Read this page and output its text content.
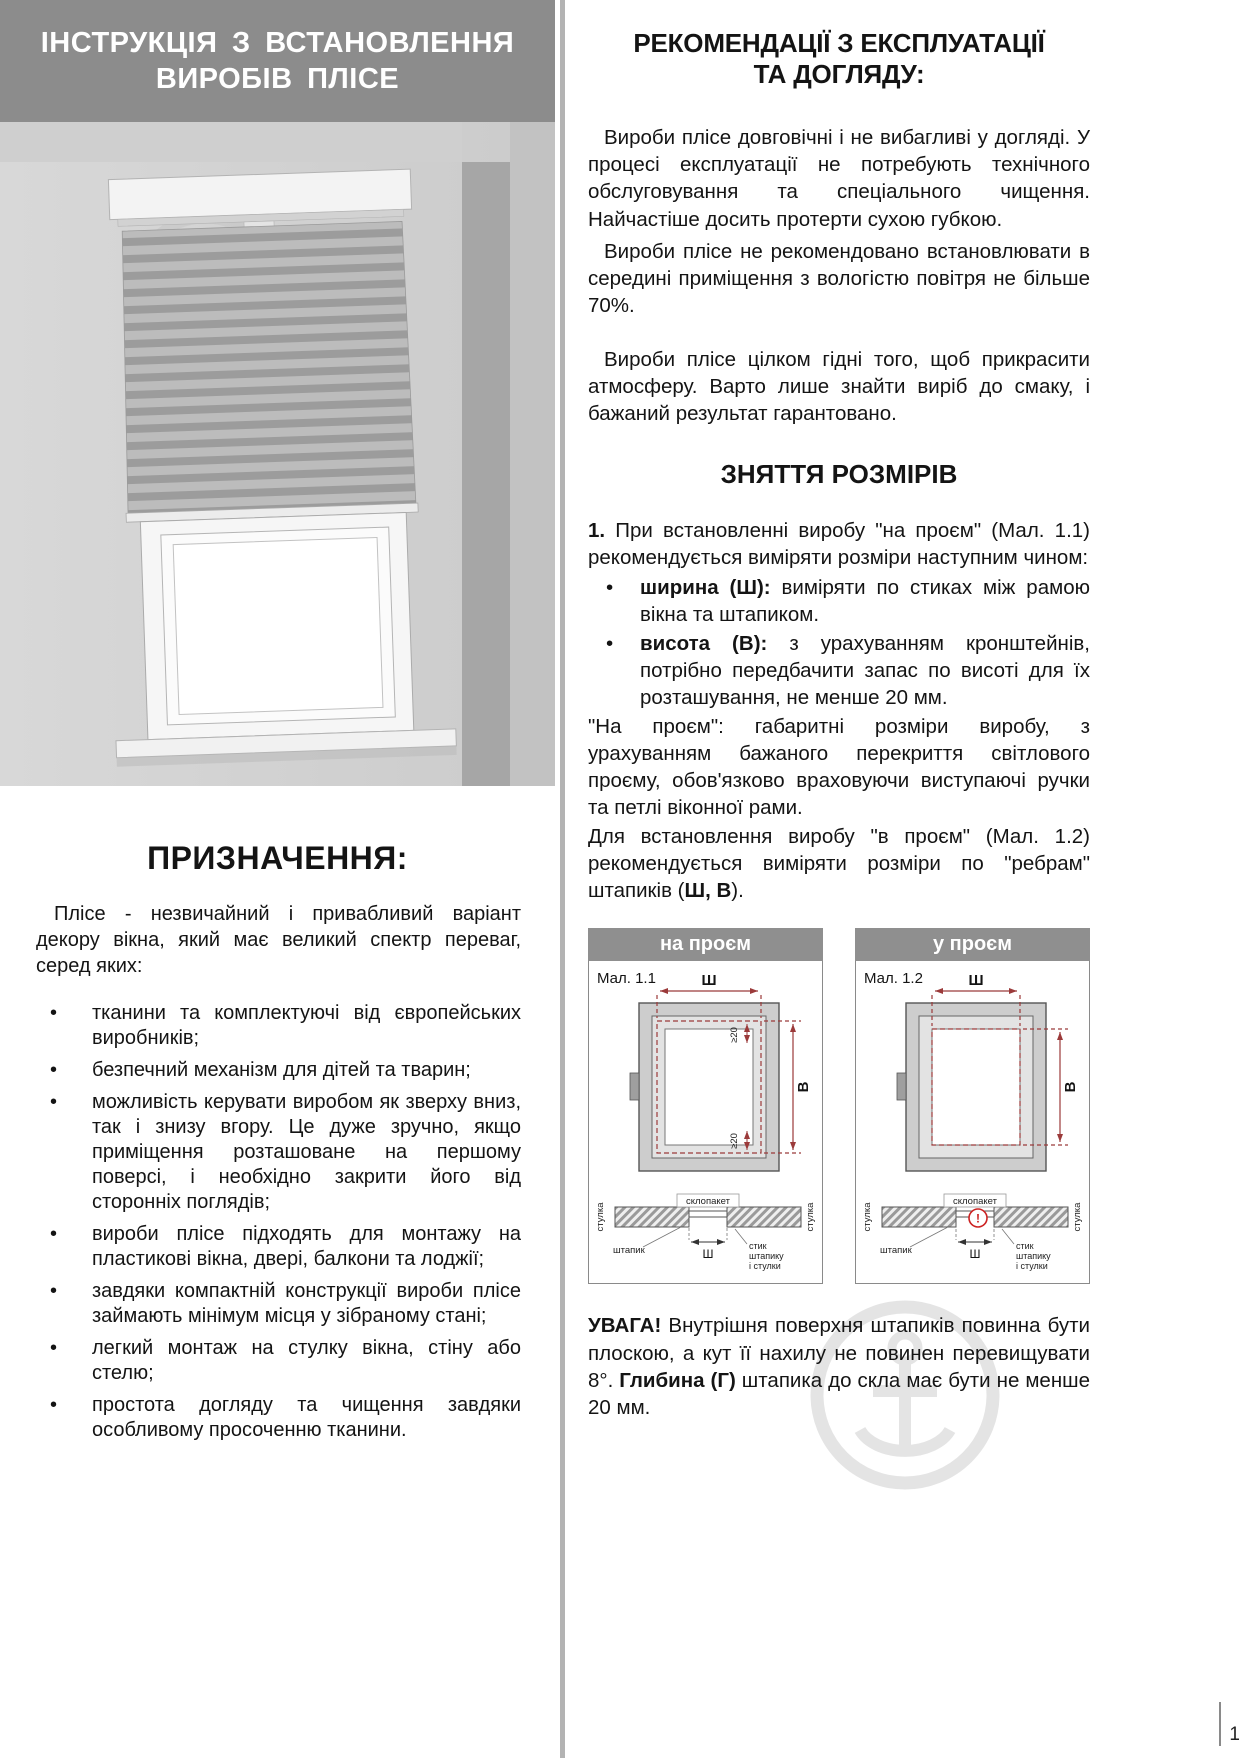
ІНСТРУКЦІЯ З ВСТАНОВЛЕННЯ
ВИРОБІВ ПЛІСЕ
ПРИЗНАЧЕННЯ:

Плісе - незвичайний і привабливий варіант декору вікна, який має великий спектр переваг, серед яких:

• тканини та комплектуючі від європейських виробників;
• безпечний механізм для дітей та тварин;
• можливість керувати виробом як зверху вниз, так і знизу вгору. Це дуже зручно, якщо приміщення розташоване на першому поверсі, і необхідно закрити його від сторонніх поглядів;
• вироби плісе підходять для монтажу на пластикові вікна, двері, балкони та лоджії;
• завдяки компактній конструкції вироби плісе займають мінімум місця у зібраному стані;
• легкий монтаж на стулку вікна, стіну або стелю;
• простота догляду та чищення завдяки особливому просоченню тканини.
РЕКОМЕНДАЦІЇ З ЕКСПЛУАТАЦІЇ
ТА ДОГЛЯДУ:

Вироби плісе довговічні і не вибагливі у догляді. У процесі експлуатації не потребують технічного обслуговування та спеціального чищення. Найчастіше досить протерти сухою губкою.

Вироби плісе не рекомендовано встановлювати в середині приміщення з вологістю повітря не більше 70%.

Вироби плісе цілком гідні того, щоб прикрасити атмосферу. Варто лише знайти виріб до смаку, і бажаний результат гарантовано.

ЗНЯТТЯ РОЗМІРІВ

1. При встановленні виробу "на проєм" (Мал. 1.1) рекомендується виміряти розміри наступним чином:

• ширина (Ш): виміряти по стиках між рамою вікна та штапиком.
• висота (В): з урахуванням кронштейнів, потрібно передбачити запас по висоті для їх розташування, не менше 20 мм.

"На проєм": габаритні розміри виробу, з урахуванням бажаного перекриття світлового проєму, обов'язково враховуючи виступаючі ручки та петлі віконної рами.

Для встановлення виробу "в проєм" (Мал. 1.2) рекомендується виміряти розміри по "ребрам" штапиків (Ш, В).

на проєм
Мал. 1.1	Ш
В
≥20
≥20
склопакет
Ш
стулка	стулка
штапик	стик
штапику
і стулки
у проєм
Мал. 1.2	Ш
В
склопакет
!
Ш
стулка	стулка
штапик	стик
штапику
і стулки

УВАГА! Внутрішня поверхня штапиків повинна бути плоскою, а кут її нахилу не повинен перевищувати 8°. Глибина (Г) штапика до скла має бути не менше 20 мм.

1
